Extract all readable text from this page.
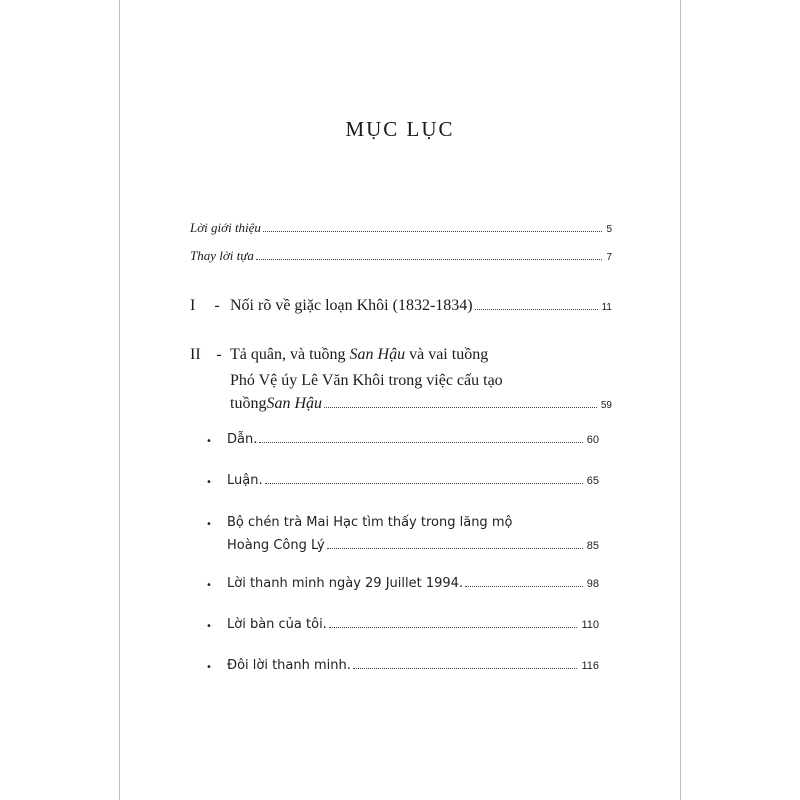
MỤC LỤC
Lời giới thiệu	5
Thay lời tựa	7
I	- Nối rõ về giặc loạn Khôi (1832-1834)	11
II - Tả quân, và tuồng San Hậu và vai tuồng
Phó Vệ úy Lê Văn Khôi trong việc cấu tạo
tuồng San Hậu	59
• Dẫn.	60
• Luận.	65
• Bộ chén trà Mai Hạc tìm thấy trong lăng mộ
Hoàng Công Lý	85
• Lời thanh minh ngày 29 Juillet 1994.	98
• Lời bàn của tôi.	110
• Đôi lời thanh minh.	116
